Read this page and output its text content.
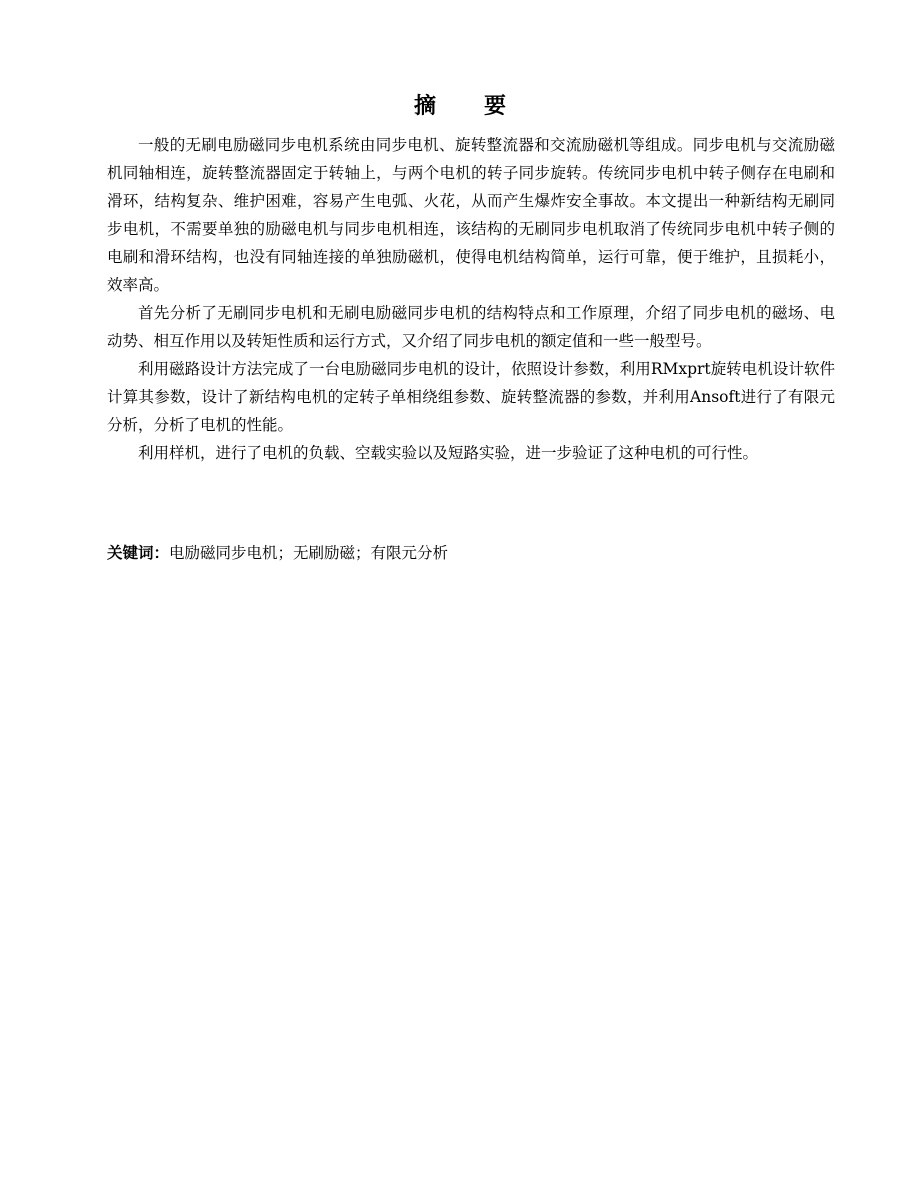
摘 要

一般的无刷电励磁同步电机系统由同步电机、旋转整流器和交流励磁机等组成。同步电机与交流励磁机同轴相连，旋转整流器固定于转轴上，与两个电机的转子同步旋转。传统同步电机中转子侧存在电刷和滑环，结构复杂、维护困难，容易产生电弧、火花，从而产生爆炸安全事故。本文提出一种新结构无刷同步电机，不需要单独的励磁电机与同步电机相连，该结构的无刷同步电机取消了传统同步电机中转子侧的电刷和滑环结构，也没有同轴连接的单独励磁机，使得电机结构简单，运行可靠，便于维护，且损耗小，效率高。

首先分析了无刷同步电机和无刷电励磁同步电机的结构特点和工作原理，介绍了同步电机的磁场、电动势、相互作用以及转矩性质和运行方式，又介绍了同步电机的额定值和一些一般型号。

利用磁路设计方法完成了一台电励磁同步电机的设计，依照设计参数，利用RMxprt旋转电机设计软件计算其参数，设计了新结构电机的定转子单相绕组参数、旋转整流器的参数，并利用Ansoft进行了有限元分析，分析了电机的性能。

利用样机，进行了电机的负载、空载实验以及短路实验，进一步验证了这种电机的可行性。

关键词：电励磁同步电机；无刷励磁；有限元分析
